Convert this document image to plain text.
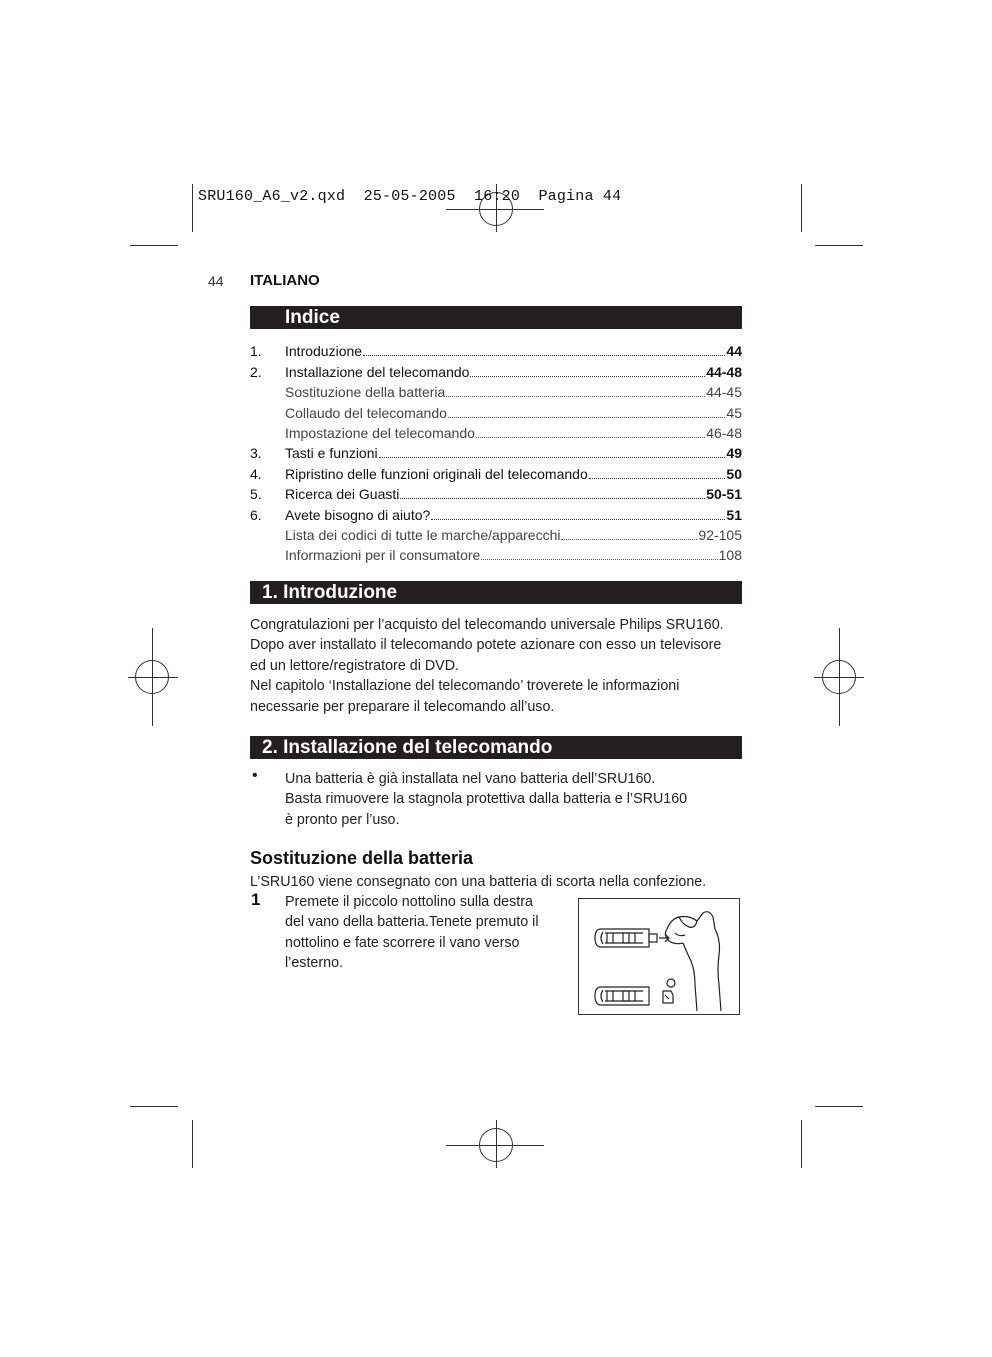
SRU160_A6_v2.qxd  25-05-2005  16:20  Pagina 44
44 ITALIANO
Indice
1.	Introduzione	44
2.	Installazione del telecomando	44-48
Sostituzione della batteria	44-45
Collaudo del telecomando	45
Impostazione del telecomando	46-48
3.	Tasti e funzioni	49
4.	Ripristino delle funzioni originali del telecomando	50
5.	Ricerca dei Guasti	50-51
6.	Avete bisogno di aiuto?	51
Lista dei codici di tutte le marche/apparecchi	92-105
Informazioni per il consumatore	108
1. Introduzione

Congratulazioni per l’acquisto del telecomando universale Philips SRU160.

Dopo aver installato il telecomando potete azionare con esso un televisore

ed un lettore/registratore di DVD.

Nel capitolo ‘Installazione del telecomando’ troverete le informazioni

necessarie per preparare il telecomando all’uso.

2. Installazione del telecomando
• Una batteria è già installata nel vano batteria dell’SRU160.

Basta rimuovere la stagnola protettiva dalla batteria e l’SRU160

è pronto per l’uso.

Sostituzione della batteria
L’SRU160 viene consegnato con una batteria di scorta nella confezione.
1 Premete il piccolo nottolino sulla destra

del vano della batteria.Tenete premuto il

nottolino e fate scorrere il vano verso

l’esterno.
